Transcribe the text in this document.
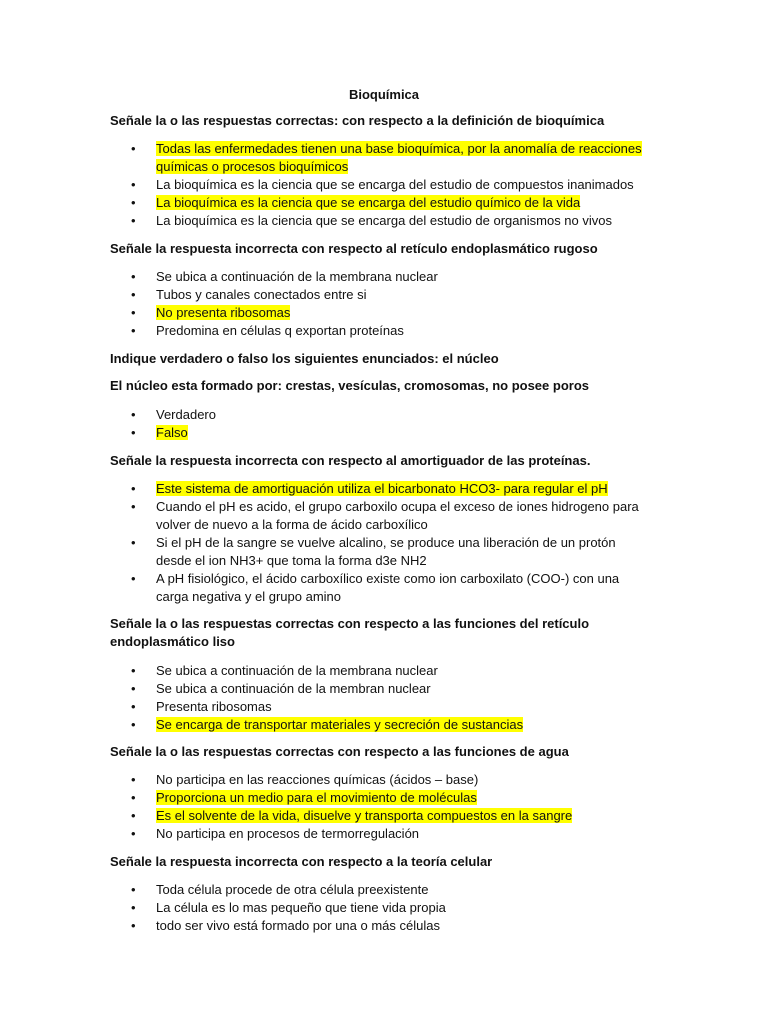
Bioquímica

Señale la o las respuestas correctas: con respecto a la definición de bioquímica

• Todas las enfermedades tienen una base bioquímica, por la anomalía de reacciones químicas o procesos bioquímicos
• La bioquímica es la ciencia que se encarga del estudio de compuestos inanimados
• La bioquímica es la ciencia que se encarga del estudio químico de la vida
• La bioquímica es la ciencia que se encarga del estudio de organismos no vivos

Señale la respuesta incorrecta con respecto al retículo endoplasmático rugoso

• Se ubica a continuación de la membrana nuclear
• Tubos y canales conectados entre si
• No presenta ribosomas
• Predomina en células q exportan proteínas

Indique verdadero o falso los siguientes enunciados: el núcleo

El núcleo esta formado por: crestas, vesículas, cromosomas, no posee poros

• Verdadero
• Falso

Señale la respuesta incorrecta con respecto al amortiguador de las proteínas.

• Este sistema de amortiguación utiliza el bicarbonato HCO3- para regular el pH
• Cuando el pH es acido, el grupo carboxilo ocupa el exceso de iones hidrogeno para volver de nuevo a la forma de ácido carboxílico
• Si el pH de la sangre se vuelve alcalino, se produce una liberación de un protón desde el ion NH3+ que toma la forma d3e NH2
• A pH fisiológico, el ácido carboxílico existe como ion carboxilato (COO-) con una carga negativa y el grupo amino

Señale la o las respuestas correctas con respecto a las funciones del retículo endoplasmático liso

• Se ubica a continuación de la membrana nuclear
• Se ubica a continuación de la membran nuclear
• Presenta ribosomas
• Se encarga de transportar materiales y secreción de sustancias

Señale la o las respuestas correctas con respecto a las funciones de agua

• No participa en las reacciones químicas (ácidos – base)
• Proporciona un medio para el movimiento de moléculas
• Es el solvente de la vida, disuelve y transporta compuestos en la sangre
• No participa en procesos de termorregulación

Señale la respuesta incorrecta con respecto a la teoría celular

• Toda célula procede de otra célula preexistente
• La célula es lo mas pequeño que tiene vida propia
• todo ser vivo está formado por una o más células
